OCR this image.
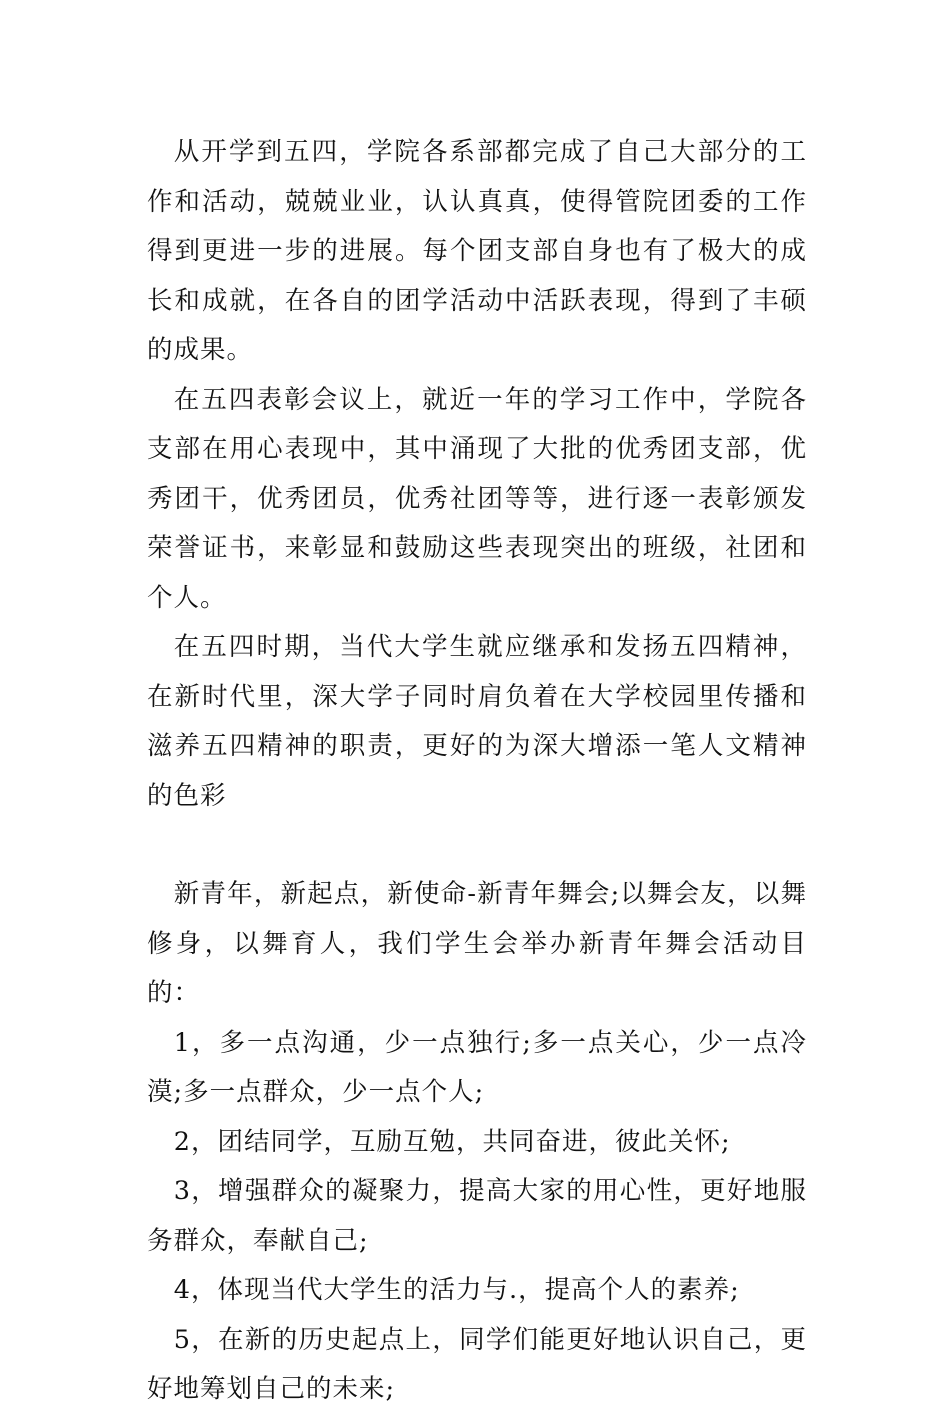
从开学到五四，学院各系部都完成了自己大部分的工作和活动，兢兢业业，认认真真，使得管院团委的工作得到更进一步的进展。每个团支部自身也有了极大的成长和成就，在各自的团学活动中活跃表现，得到了丰硕的成果。

在五四表彰会议上，就近一年的学习工作中，学院各支部在用心表现中，其中涌现了大批的优秀团支部，优秀团干，优秀团员，优秀社团等等，进行逐一表彰颁发荣誉证书，来彰显和鼓励这些表现突出的班级，社团和个人。

在五四时期，当代大学生就应继承和发扬五四精神，在新时代里，深大学子同时肩负着在大学校园里传播和滋养五四精神的职责，更好的为深大增添一笔人文精神的色彩

新青年，新起点，新使命-新青年舞会;以舞会友，以舞修身，以舞育人，我们学生会举办新青年舞会活动目的：

1，多一点沟通，少一点独行;多一点关心，少一点冷漠;多一点群众，少一点个人;

2，团结同学，互励互勉，共同奋进，彼此关怀;

3，增强群众的凝聚力，提高大家的用心性，更好地服务群众，奉献自己;

4，体现当代大学生的活力与.，提高个人的素养;

5，在新的历史起点上，同学们能更好地认识自己，更好地筹划自己的未来;
